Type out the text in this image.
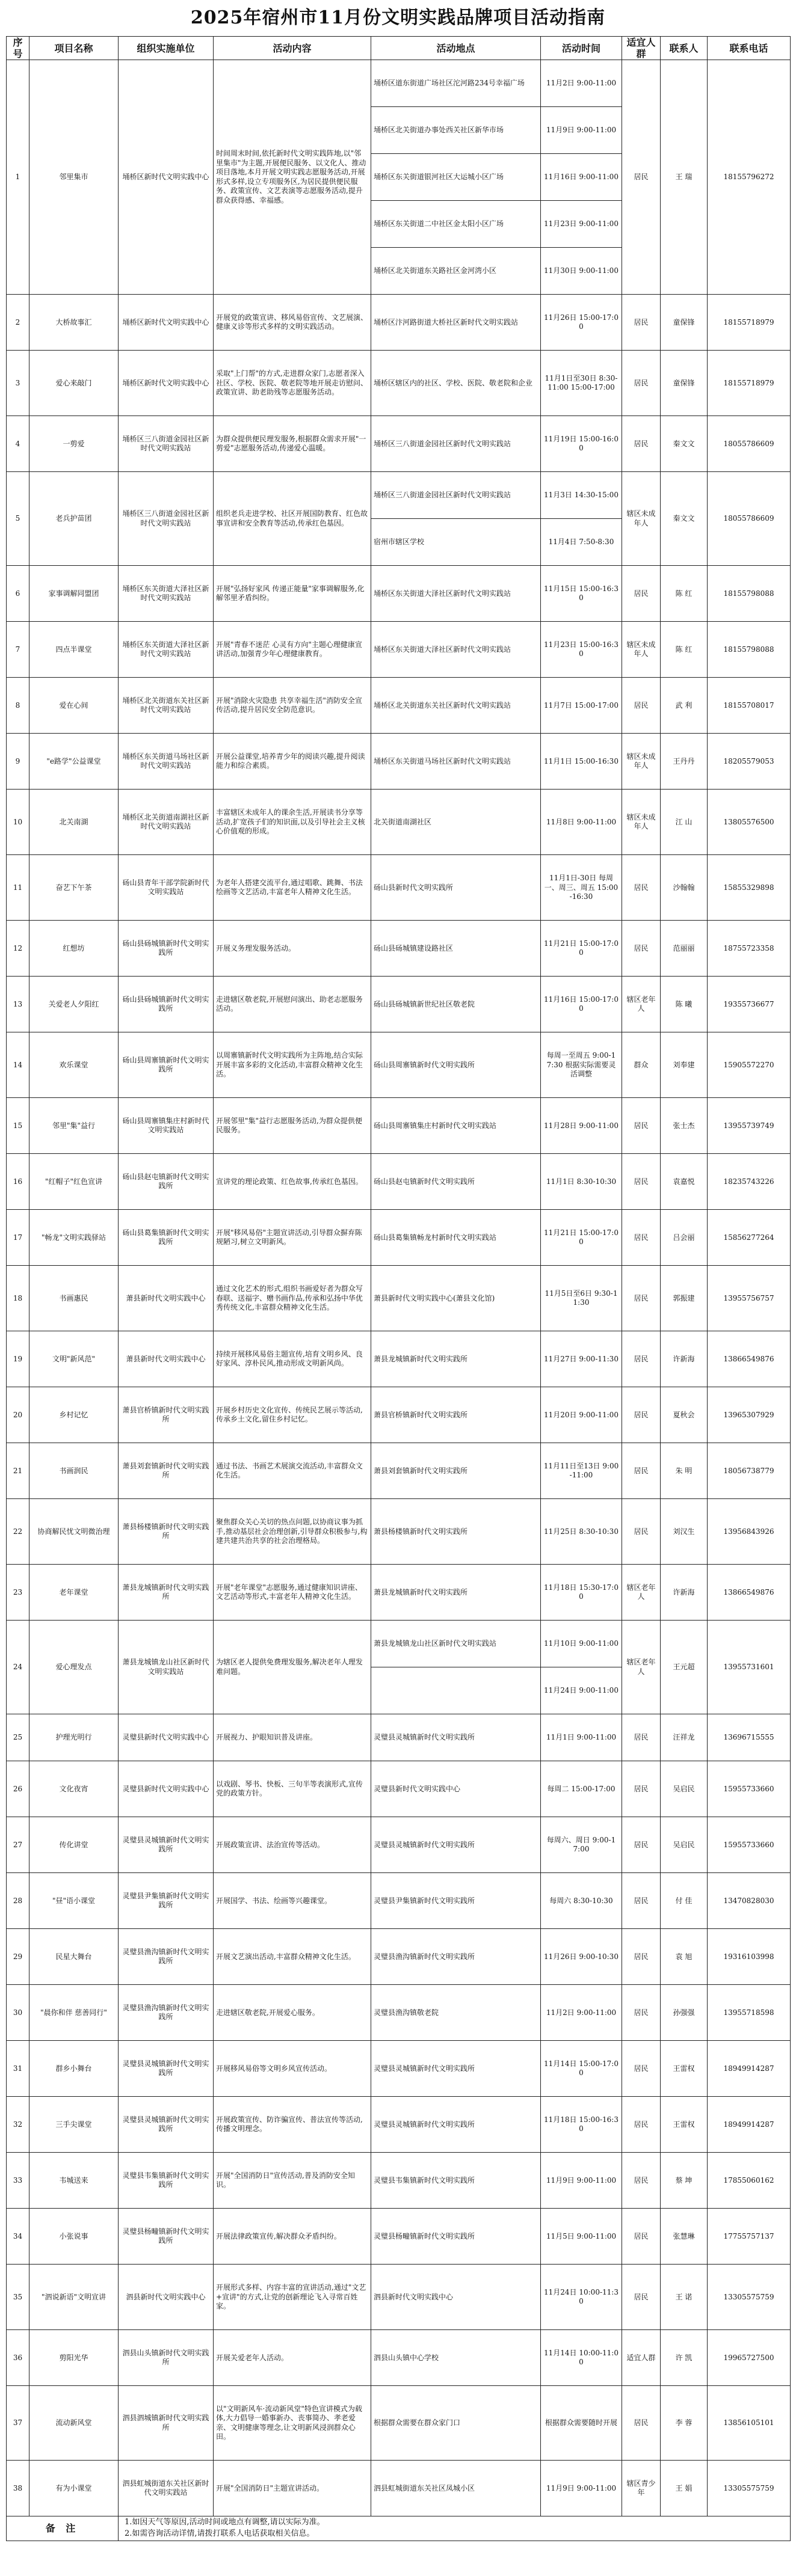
2025年宿州市11月份文明实践品牌项目活动指南
序号	项目名称	组织实施单位	活动内容	活动地点	活动时间	适宜人群	联系人	联系电话
1	邻里集市	埇桥区新时代文明实践中心	时间周末时间,依托新时代文明实践阵地,以"邻里集市"为主题,开展便民服务、以文化人、推动项目落地,本月开展文明实践志愿服务活动,开展形式多样,设立专项服务区,为居民提供便民服务、政策宣传、文艺表演等志愿服务活动,提升群众获得感、幸福感。	埇桥区道东街道广场社区沱河路234号幸福广场	11月2日 9:00-11:00	居民	王 瑞	18155796272
				埇桥区北关街道办事处西关社区新华市场	11月9日 9:00-11:00			
				埇桥区东关街道银河社区大运城小区广场	11月16日 9:00-11:00			
				埇桥区东关街道二中社区金太阳小区广场	11月23日 9:00-11:00			
				埇桥区北关街道东关路社区金河湾小区	11月30日 9:00-11:00			
2	大桥故事汇	埇桥区新时代文明实践中心	开展党的政策宣讲、移风易俗宣传、文艺展演、健康义诊等形式多样的文明实践活动。	埇桥区汴河路街道大桥社区新时代文明实践站	11月26日 15:00-17:00	居民	童保锋	18155718979
3	爱心来敲门	埇桥区新时代文明实践中心	采取"上门帮"的方式,走进群众家门,志愿者深入社区、学校、医院、敬老院等地开展走访慰问、政策宣讲、助老助残等志愿服务活动。	埇桥区辖区内的社区、学校、医院、敬老院和企业	11月1日至30日 8:30-11:00 15:00-17:00	居民	童保锋	18155718979
4	一剪爱	埇桥区三八街道金园社区新时代文明实践站	为群众提供便民理发服务,根据群众需求开展"一剪爱"志愿服务活动,传递爱心温暖。	埇桥区三八街道金园社区新时代文明实践站	11月19日 15:00-16:00	居民	秦文文	18055786609
5	老兵护苗团	埇桥区三八街道金园社区新时代文明实践站	组织老兵走进学校、社区开展国防教育、红色故事宣讲和安全教育等活动,传承红色基因。	埇桥区三八街道金园社区新时代文明实践站	11月3日 14:30-15:00	辖区未成年人	秦文文	18055786609
				宿州市辖区学校	11月4日 7:50-8:30			
6	家事调解同盟团	埇桥区东关街道大泽社区新时代文明实践站	开展"弘扬好家风 传递正能量"家事调解服务,化解邻里矛盾纠纷。	埇桥区东关街道大泽社区新时代文明实践站	11月15日 15:00-16:30	居民	陈 红	18155798088
7	四点半课堂	埇桥区东关街道大泽社区新时代文明实践站	开展"青春不迷茫 心灵有方向"主题心理健康宣讲活动,加强青少年心理健康教育。	埇桥区东关街道大泽社区新时代文明实践站	11月23日 15:00-16:30	辖区未成年人	陈 红	18155798088
8	爱在心间	埇桥区北关街道东关社区新时代文明实践站	开展"消除火灾隐患 共享幸福生活"消防安全宣传活动,提升居民安全防范意识。	埇桥区北关街道东关社区新时代文明实践站	11月7日 15:00-17:00	居民	武 利	18155708017
9	"e路学"公益课堂	埇桥区东关街道马场社区新时代文明实践站	开展公益课堂,培养青少年的阅读兴趣,提升阅读能力和综合素质。	埇桥区东关街道马场社区新时代文明实践站	11月1日 15:00-16:30	辖区未成年人	王丹丹	18205579053
10	北关南湖	埇桥区北关街道南湖社区新时代文明实践站	丰富辖区未成年人的课余生活,开展读书分享等活动,扩宽孩子们的知识面,以及引导社会主义核心价值观的形成。	北关街道南湖社区	11月8日 9:00-11:00	辖区未成年人	江 山	13805576500
11	奋艺下午茶	砀山县青年干部学院新时代文明实践站	为老年人搭建交流平台,通过唱歌、跳舞、书法绘画等文艺活动,丰富老年人精神文化生活。	砀山县新时代文明实践所	11月1日-30日 每周一、周三、周五 15:00-16:30	居民	沙翰翰	15855329898
12	红想坊	砀山县砀城镇新时代文明实践所	开展义务理发服务活动。	砀山县砀城镇建设路社区	11月21日 15:00-17:00	居民	范丽丽	18755723358
13	关爱老人夕阳红	砀山县砀城镇新时代文明实践所	走进辖区敬老院,开展慰问演出、助老志愿服务活动。	砀山县砀城镇新世纪社区敬老院	11月16日 15:00-17:00	辖区老年人	陈 曦	19355736677
14	欢乐课堂	砀山县周寨镇新时代文明实践所	以周寨镇新时代文明实践所为主阵地,结合实际开展丰富多彩的文化活动,丰富群众精神文化生活。	砀山县周寨镇新时代文明实践所	每周一至周五 9:00-17:30 根据实际需要灵活调整	群众	刘奉建	15905572270
15	邻里"集"益行	砀山县周寨镇集庄村新时代文明实践站	开展邻里"集"益行志愿服务活动,为群众提供便民服务。	砀山县周寨镇集庄村新时代文明实践站	11月28日 9:00-11:00	居民	张士杰	13955739749
16	"红帽子"红色宣讲	砀山县赵屯镇新时代文明实践所	宣讲党的理论政策、红色故事,传承红色基因。	砀山县赵屯镇新时代文明实践所	11月1日 8:30-10:30	居民	袁嘉悦	18235743226
17	"畅龙"文明实践驿站	砀山县葛集镇新时代文明实践所	开展"移风易俗"主题宣讲活动,引导群众摒弃陈规陋习,树立文明新风。	砀山县葛集镇畅龙村新时代文明实践站	11月21日 15:00-17:00	居民	吕会丽	15856277264
18	书画惠民	萧县新时代文明实践中心	通过文化艺术的形式,组织书画爱好者为群众写春联、送福字、赠书画作品,传承和弘扬中华优秀传统文化,丰富群众精神文化生活。	萧县新时代文明实践中心(萧县文化馆)	11月5日至6日 9:30-11:30	居民	郭振建	13955756757
19	文明"新风范"	萧县新时代文明实践中心	持续开展移风易俗主题宣传,培育文明乡风、良好家风、淳朴民风,推动形成文明新风尚。	萧县龙城镇新时代文明实践所	11月27日 9:00-11:30	居民	许新海	13866549876
20	乡村记忆	萧县官桥镇新时代文明实践所	开展乡村历史文化宣传、传统民艺展示等活动,传承乡土文化,留住乡村记忆。	萧县官桥镇新时代文明实践所	11月20日 9:00-11:00	居民	夏秋会	13965307929
21	书画润民	萧县刘套镇新时代文明实践所	通过书法、书画艺术展演交流活动,丰富群众文化生活。	萧县刘套镇新时代文明实践所	11月11日至13日 9:00-11:00	居民	朱 明	18056738779
22	协商解民忧文明微治理	萧县杨楼镇新时代文明实践所	聚焦群众关心关切的热点问题,以协商议事为抓手,推动基层社会治理创新,引导群众积极参与,构建共建共治共享的社会治理格局。	萧县杨楼镇新时代文明实践所	11月25日 8:30-10:30	居民	刘汉生	13956843926
23	老年课堂	萧县龙城镇新时代文明实践所	开展"老年课堂"志愿服务,通过健康知识讲座、文艺活动等形式,丰富老年人精神文化生活。	萧县龙城镇新时代文明实践所	11月18日 15:30-17:00	辖区老年人	许新海	13866549876
24	爱心理发点	萧县龙城镇龙山社区新时代文明实践站	为辖区老人提供免费理发服务,解决老年人理发难问题。	萧县龙城镇龙山社区新时代文明实践站	11月10日 9:00-11:00	辖区老年人	王元超	13955731601
					11月24日 9:00-11:00			
25	护理光明行	灵璧县新时代文明实践中心	开展视力、护眼知识普及讲座。	灵璧县灵城镇新时代文明实践所	11月1日 9:00-11:00	居民	汪祥龙	13696715555
26	文化夜宵	灵璧县新时代文明实践中心	以戏剧、琴书、快板、三句半等表演形式,宣传党的政策方针。	灵璧县新时代文明实践中心	每周二 15:00-17:00	居民	吴启民	15955733660
27	传化讲堂	灵璧县灵城镇新时代文明实践所	开展政策宣讲、法治宣传等活动。	灵璧县灵城镇新时代文明实践所	每周六、周日 9:00-17:00	居民	吴启民	15955733660
28	"昼"语小课堂	灵璧县尹集镇新时代文明实践所	开展国学、书法、绘画等兴趣课堂。	灵璧县尹集镇新时代文明实践所	每周六 8:30-10:30	居民	付 佳	13470828030
29	民星大舞台	灵璧县渔沟镇新时代文明实践所	开展文艺演出活动,丰富群众精神文化生活。	灵璧县渔沟镇新时代文明实践所	11月26日 9:00-10:30	居民	袁 旭	19316103998
30	"晨你和伴 慈善同行"	灵璧县渔沟镇新时代文明实践所	走进辖区敬老院,开展爱心服务。	灵璧县渔沟镇敬老院	11月2日 9:00-11:00	居民	孙强强	13955718598
31	群乡小舞台	灵璧县灵城镇新时代文明实践所	开展移风易俗等文明乡风宣传活动。	灵璧县灵城镇新时代文明实践所	11月14日 15:00-17:00	居民	王雷权	18949914287
32	三手尖课堂	灵璧县灵城镇新时代文明实践所	开展政策宣传、防诈骗宣传、普法宣传等活动,传播文明理念。	灵璧县灵城镇新时代文明实践所	11月18日 15:00-16:30	居民	王雷权	18949914287
33	韦城送来	灵璧县韦集镇新时代文明实践所	开展"全国消防日"宣传活动,普及消防安全知识。	灵璧县韦集镇新时代文明实践所	11月9日 9:00-11:00	居民	蔡 坤	17855060162
34	小张说事	灵璧县杨疃镇新时代文明实践所	开展法律政策宣传,解决群众矛盾纠纷。	灵璧县杨疃镇新时代文明实践所	11月5日 9:00-11:00	居民	张慧琳	17755757137
35	"泗说新语"文明宣讲	泗县新时代文明实践中心	开展形式多样、内容丰富的宣讲活动,通过"文艺+宣讲"的方式,让党的创新理论飞入寻常百姓家。	泗县新时代文明实践中心	11月24日 10:00-11:30	居民	王 诺	13305575759
36	剪阳光华	泗县山头镇新时代文明实践所	开展关爱老年人活动。	泗县山头镇中心学校	11月14日 10:00-11:00	适宜人群	许 凯	19965727500
37	流动新风堂	泗县泗城镇新时代文明实践所	以"文明新风车·流动新风堂"特色宣讲模式为载体,大力倡导一婚事新办、丧事简办、孝老爱亲、文明健康等理念,让文明新风浸润群众心田。	根据群众需要在群众家门口	根据群众需要随时开展	居民	李 蓉	13856105101
38	有为小课堂	泗县虹城街道东关社区新时代文明实践站	开展"全国消防日"主题宣讲活动。	泗县虹城街道东关社区凤城小区	11月9日 9:00-11:00	辖区青少年	王 娟	13305575759
备 注		1.如因天气等原因,活动时间或地点有调整,请以实际为准。
2.如需咨询活动详情,请拨打联系人电话获取相关信息。						
